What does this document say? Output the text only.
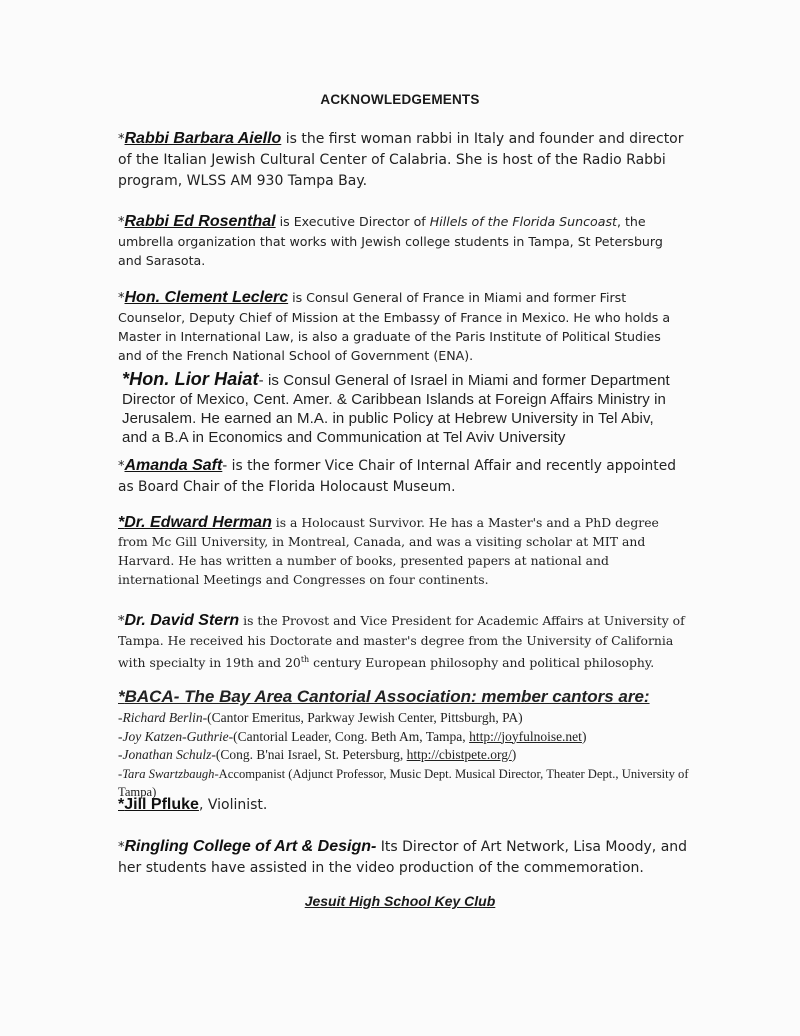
ACKNOWLEDGEMENTS
*Rabbi Barbara Aiello is the first woman rabbi in Italy and founder and director of the Italian Jewish Cultural Center of Calabria. She is host of the Radio Rabbi program, WLSS AM 930 Tampa Bay.
*Rabbi Ed Rosenthal is Executive Director of Hillels of the Florida Suncoast, the umbrella organization that works with Jewish college students in Tampa, St Petersburg and Sarasota.
*Hon. Clement Leclerc is Consul General of France in Miami and former First Counselor, Deputy Chief of Mission at the Embassy of France in Mexico. He who holds a Master in International Law, is also a graduate of the Paris Institute of Political Studies and of the French National School of Government (ENA).
*Hon. Lior Haiat- is Consul General of Israel in Miami and former Department Director of Mexico, Cent. Amer. & Caribbean Islands at Foreign Affairs Ministry in Jerusalem. He earned an M.A. in public Policy at Hebrew University in Tel Abiv, and a B.A in Economics and Communication at Tel Aviv University
*Amanda Saft- is the former Vice Chair of Internal Affair and recently appointed as Board Chair of the Florida Holocaust Museum.
*Dr. Edward Herman is a Holocaust Survivor. He has a Master's and a PhD degree from Mc Gill University, in Montreal, Canada, and was a visiting scholar at MIT and Harvard. He has written a number of books, presented papers at national and international Meetings and Congresses on four continents.
*Dr. David Stern is the Provost and Vice President for Academic Affairs at University of Tampa. He received his Doctorate and master's degree from the University of California with specialty in 19th and 20th century European philosophy and political philosophy.
*BACA- The Bay Area Cantorial Association: member cantors are:
-Richard Berlin-(Cantor Emeritus, Parkway Jewish Center, Pittsburgh, PA)
-Joy Katzen-Guthrie-(Cantorial Leader, Cong. Beth Am, Tampa, http://joyfulnoise.net)
-Jonathan Schulz-(Cong. B'nai Israel, St. Petersburg, http://cbistpete.org/)
-Tara Swartzbaugh-Accompanist (Adjunct Professor, Music Dept. Musical Director, Theater Dept., University of Tampa)
*Jill Pfluke, Violinist.
*Ringling College of Art & Design- Its Director of Art Network, Lisa Moody, and her students have assisted in the video production of the commemoration.
Jesuit High School Key Club
